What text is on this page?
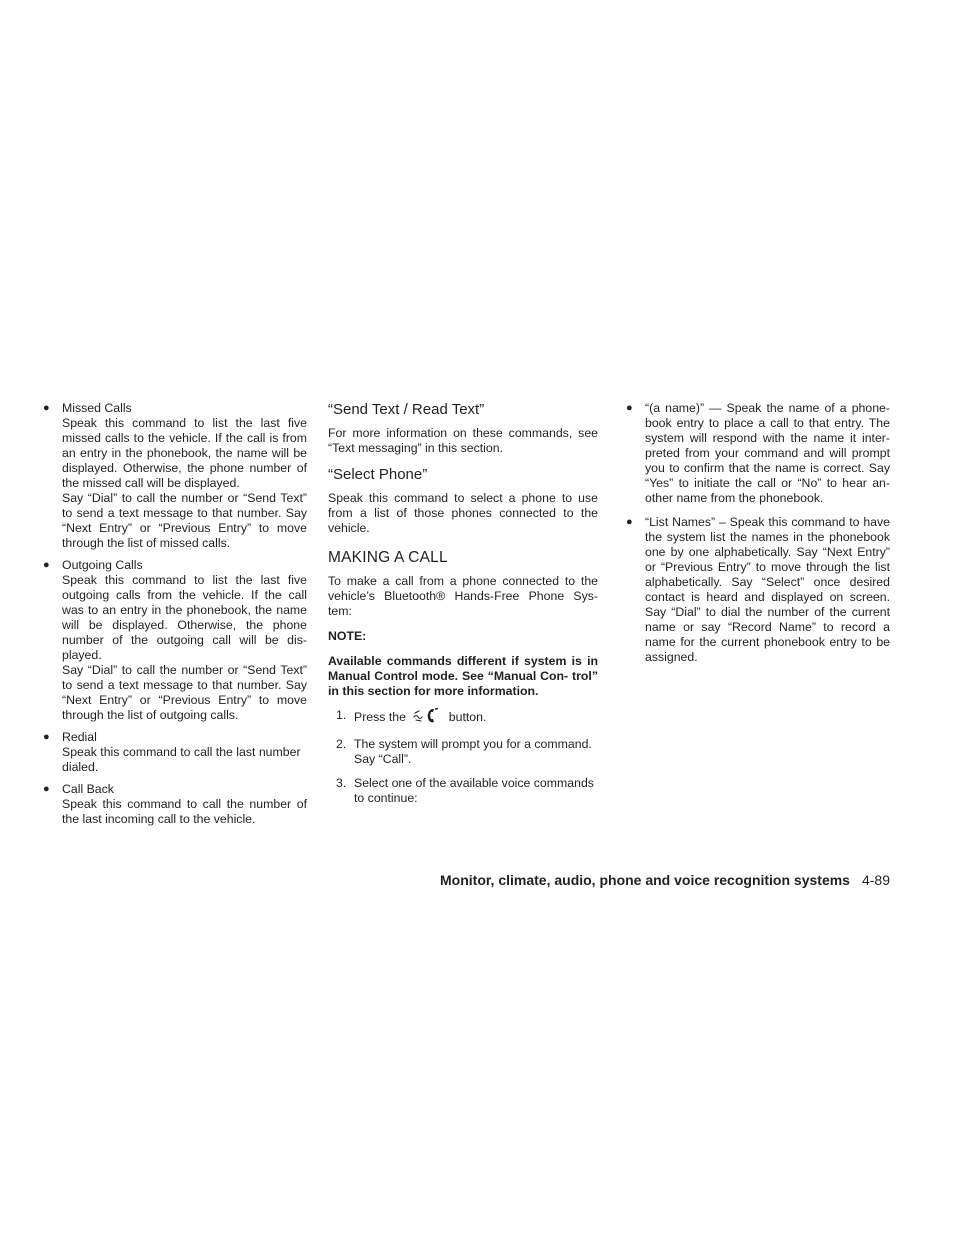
● Missed Calls

Speak this command to list the last five missed calls to the vehicle. If the call is from an entry in the phonebook, the name will be displayed. Otherwise, the phone number of the missed call will be displayed.

Say “Dial” to call the number or “Send Text” to send a text message to that number. Say “Next Entry” or “Previous Entry” to move through the list of missed calls.

● Outgoing Calls

Speak this command to list the last five outgoing calls from the vehicle. If the call was to an entry in the phonebook, the name will be displayed. Otherwise, the phone number of the outgoing call will be dis- played.

Say “Dial” to call the number or “Send Text” to send a text message to that number. Say “Next Entry” or “Previous Entry” to move through the list of outgoing calls.

● Redial

Speak this command to call the last number dialed.

● Call Back

Speak this command to call the number of the last incoming call to the vehicle.

“Send Text / Read Text”

For more information on these commands, see “Text messaging” in this section.

“Select Phone”

Speak this command to select a phone to use from a list of those phones connected to the vehicle.

MAKING A CALL

To make a call from a phone connected to the vehicle’s Bluetooth® Hands-Free Phone Sys- tem:

NOTE:

Available commands different if system is in Manual Control mode. See “Manual Con- trol” in this section for more information.

1. Press the	button.
2. The system will prompt you for a command. Say “Call”.
3. Select one of the available voice commands to continue:
● “(a name)” — Speak the name of a phone- book entry to place a call to that entry. The system will respond with the name it inter- preted from your command and will prompt you to confirm that the name is correct. Say “Yes” to initiate the call or “No” to hear an- other name from the phonebook.

● “List Names” – Speak this command to have the system list the names in the phonebook one by one alphabetically. Say “Next Entry” or “Previous Entry” to move through the list alphabetically. Say “Select” once desired contact is heard and displayed on screen. Say “Dial” to dial the number of the current name or say “Record Name” to record a name for the current phonebook entry to be assigned.

Monitor, climate, audio, phone and voice recognition systems 4-89
